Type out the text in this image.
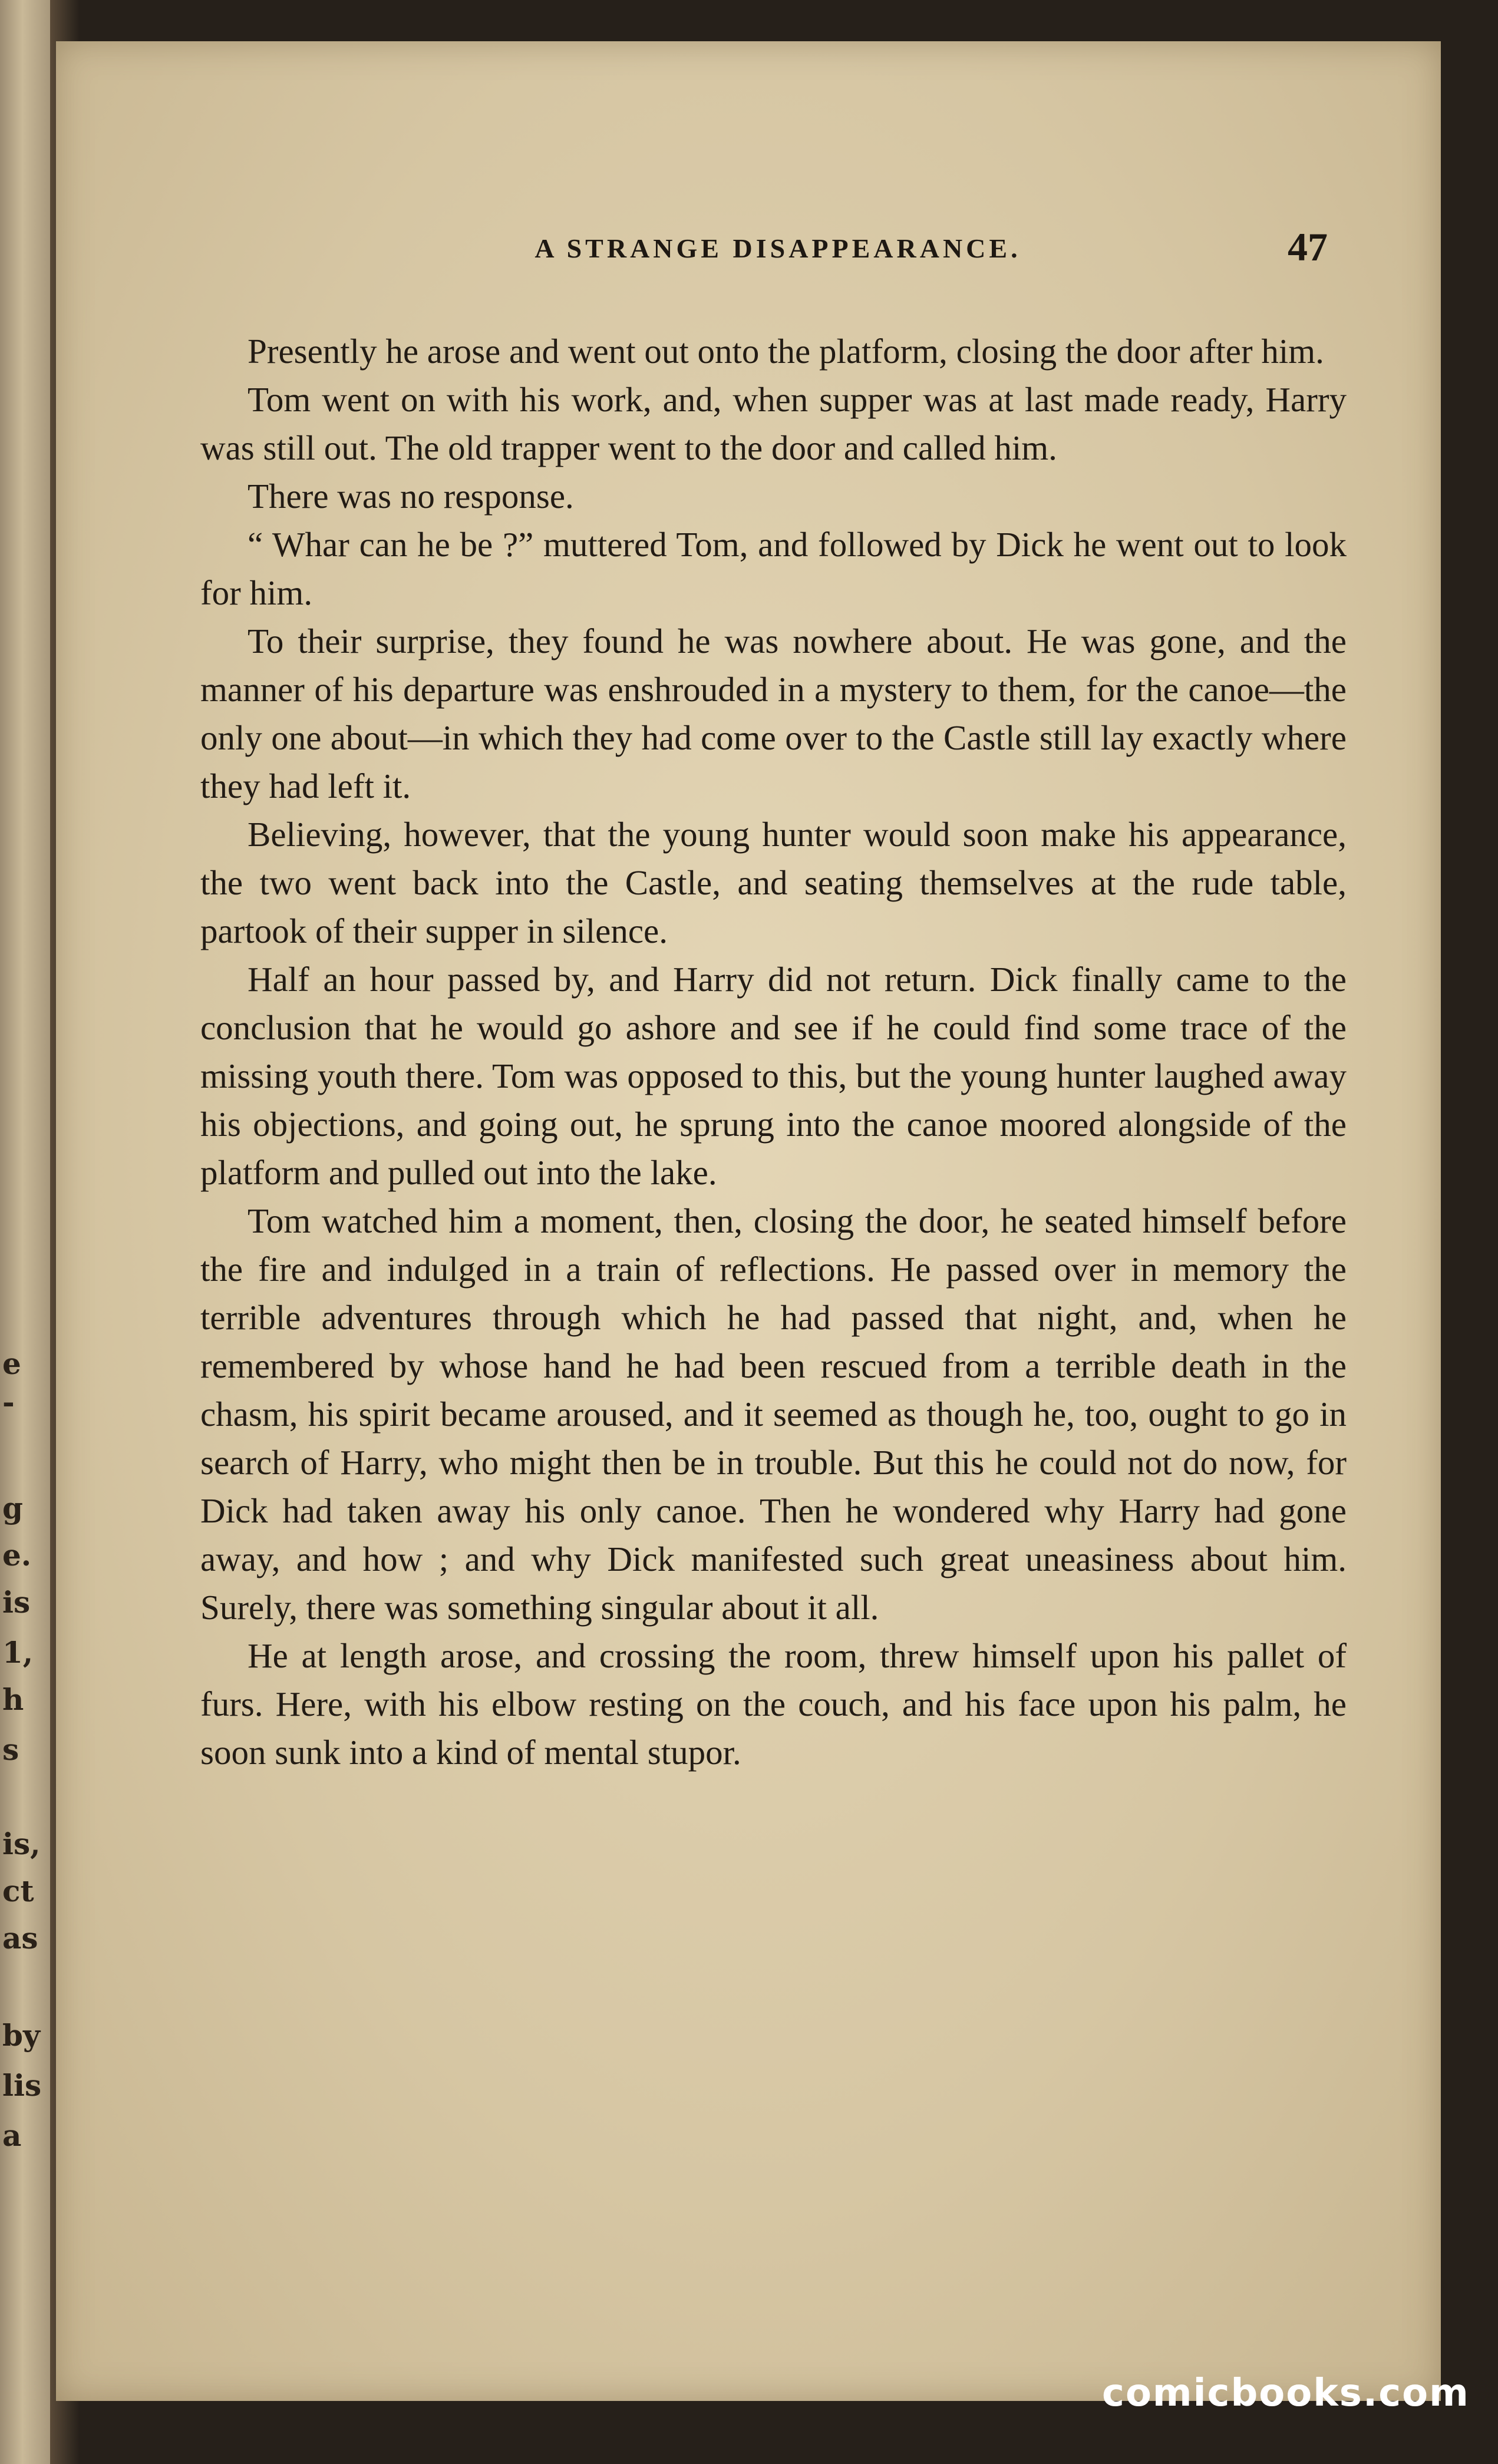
e
-
g
e.
is
1,
h
s
is,
ct
as
by
lis
a
A STRANGE DISAPPEARANCE.	47

Presently he arose and went out onto the platform, closing the door after him.

Tom went on with his work, and, when supper was at last made ready, Harry was still out. The old trapper went to the door and called him.

There was no response.

“ Whar can he be ?” muttered Tom, and followed by Dick he went out to look for him.

To their surprise, they found he was nowhere about. He was gone, and the manner of his departure was enshrouded in a mystery to them, for the canoe—the only one about—in which they had come over to the Castle still lay exactly where they had left it.

Believing, however, that the young hunter would soon make his appearance, the two went back into the Castle, and seating themselves at the rude table, partook of their supper in silence.

Half an hour passed by, and Harry did not return. Dick finally came to the conclusion that he would go ashore and see if he could find some trace of the missing youth there. Tom was opposed to this, but the young hunter laughed away his objections, and going out, he sprung into the canoe moored alongside of the platform and pulled out into the lake.

Tom watched him a moment, then, closing the door, he seated himself before the fire and indulged in a train of reflections. He passed over in memory the terrible adventures through which he had passed that night, and, when he remembered by whose hand he had been rescued from a terrible death in the chasm, his spirit became aroused, and it seemed as though he, too, ought to go in search of Harry, who might then be in trouble. But this he could not do now, for Dick had taken away his only canoe. Then he wondered why Harry had gone away, and how ; and why Dick manifested such great uneasiness about him. Surely, there was something singular about it all.

He at length arose, and crossing the room, threw himself upon his pallet of furs. Here, with his elbow resting on the couch, and his face upon his palm, he soon sunk into a kind of mental stupor.

comicbooks.com
